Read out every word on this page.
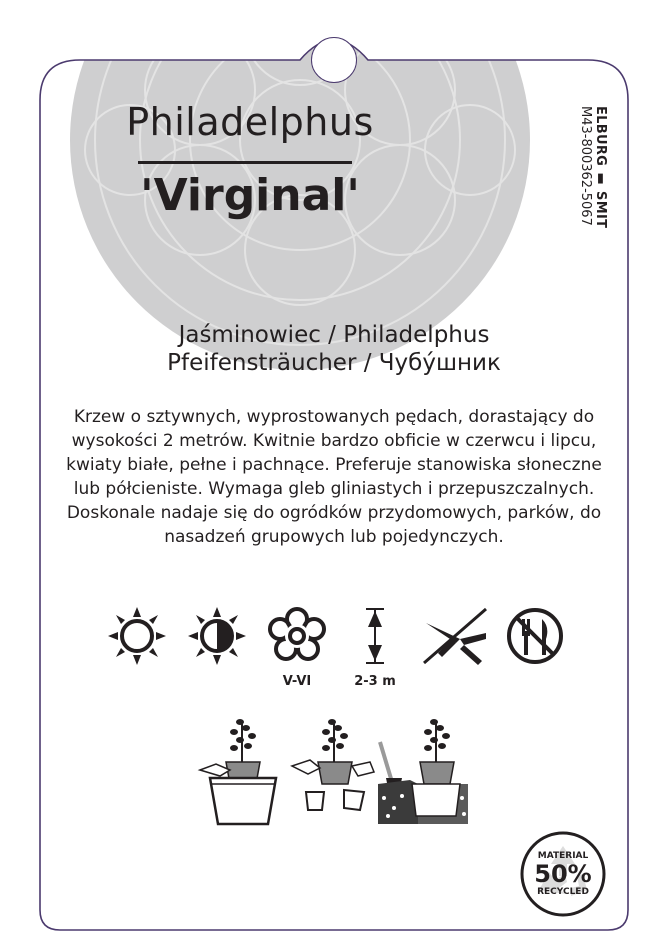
Philadelphus
'Virginal'	ELBURG ▮ SMIT
M43-800362-5067
Jaśminowiec / Philadelphus
Pfeifensträucher / Чубу́шник
Krzew o sztywnych, wyprostowanych pędach, dorastający do wysokości 2 metrów. Kwitnie bardzo obficie w czerwcu i lipcu, kwiaty białe, pełne i pachnące. Preferuje stanowiska słoneczne lub półcieniste. Wymaga gleb gliniastych i przepuszczalnych. Doskonale nadaje się do ogródków przydomowych, parków, do nasadzeń grupowych lub pojedynczych.
V-VI	2-3 m
MATERIAL
50%
RECYCLED
